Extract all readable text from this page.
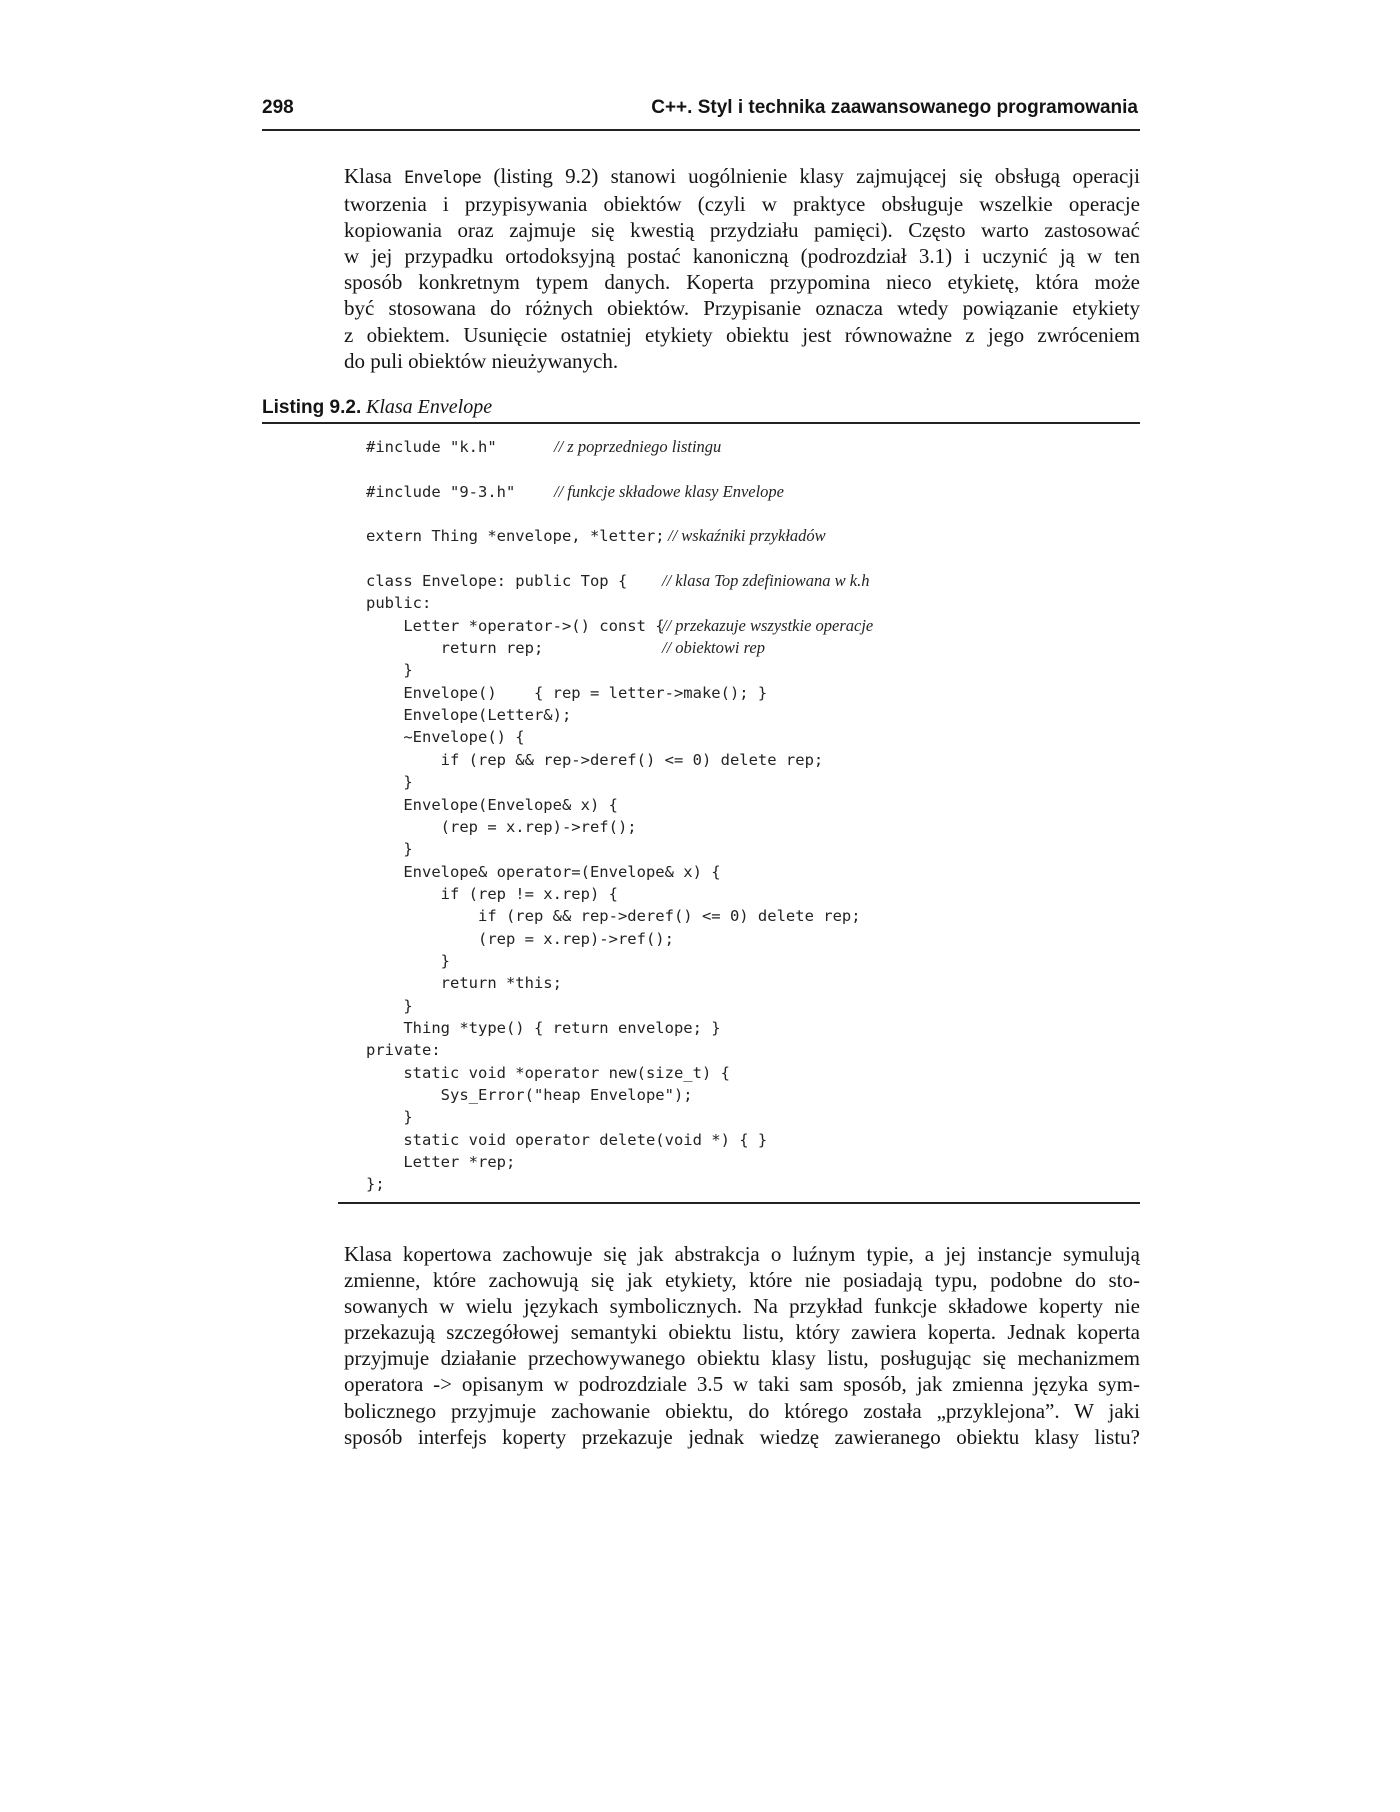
298	C++. Styl i technika zaawansowanego programowania
Klasa Envelope (listing 9.2) stanowi uogólnienie klasy zajmującej się obsługą operacji
tworzenia i przypisywania obiektów (czyli w praktyce obsługuje wszelkie operacje
kopiowania oraz zajmuje się kwestią przydziału pamięci). Często warto zastosować
w jej przypadku ortodoksyjną postać kanoniczną (podrozdział 3.1) i uczynić ją w ten
sposób konkretnym typem danych. Koperta przypomina nieco etykietę, która może
być stosowana do różnych obiektów. Przypisanie oznacza wtedy powiązanie etykiety
z obiektem. Usunięcie ostatniej etykiety obiektu jest równoważne z jego zwróceniem
do puli obiektów nieużywanych.
Listing 9.2. Klasa Envelope
#include "k.h"	// z poprzedniego listingu
#include "9-3.h" // funkcje składowe klasy Envelope
extern Thing *envelope, *letter; // wskaźniki przykładów
class Envelope: public Top { // klasa Top zdefiniowana w k.h
public:
Letter *operator->() const {
// przekazuje wszystkie operacje
return rep;	// obiektowi rep
}
Envelope()    { rep = letter->make(); }
Envelope(Letter&);
~Envelope() {
if (rep && rep->deref() <= 0) delete rep;
}
Envelope(Envelope& x) {
(rep = x.rep)->ref();
}
Envelope& operator=(Envelope& x) {
if (rep != x.rep) {
if (rep && rep->deref() <= 0) delete rep;
(rep = x.rep)->ref();
}
return *this;
}
Thing *type() { return envelope; }
private:
static void *operator new(size_t) {
Sys_Error("heap Envelope");
}
static void operator delete(void *) { }
Letter *rep;
};
Klasa kopertowa zachowuje się jak abstrakcja o luźnym typie, a jej instancje symulują
zmienne, które zachowują się jak etykiety, które nie posiadają typu, podobne do sto-
sowanych w wielu językach symbolicznych. Na przykład funkcje składowe koperty nie
przekazują szczegółowej semantyki obiektu listu, który zawiera koperta. Jednak koperta
przyjmuje działanie przechowywanego obiektu klasy listu, posługując się mechanizmem
operatora -> opisanym w podrozdziale 3.5 w taki sam sposób, jak zmienna języka sym-
bolicznego przyjmuje zachowanie obiektu, do którego została „przyklejona”. W jaki
sposób interfejs koperty przekazuje jednak wiedzę zawieranego obiektu klasy listu?
